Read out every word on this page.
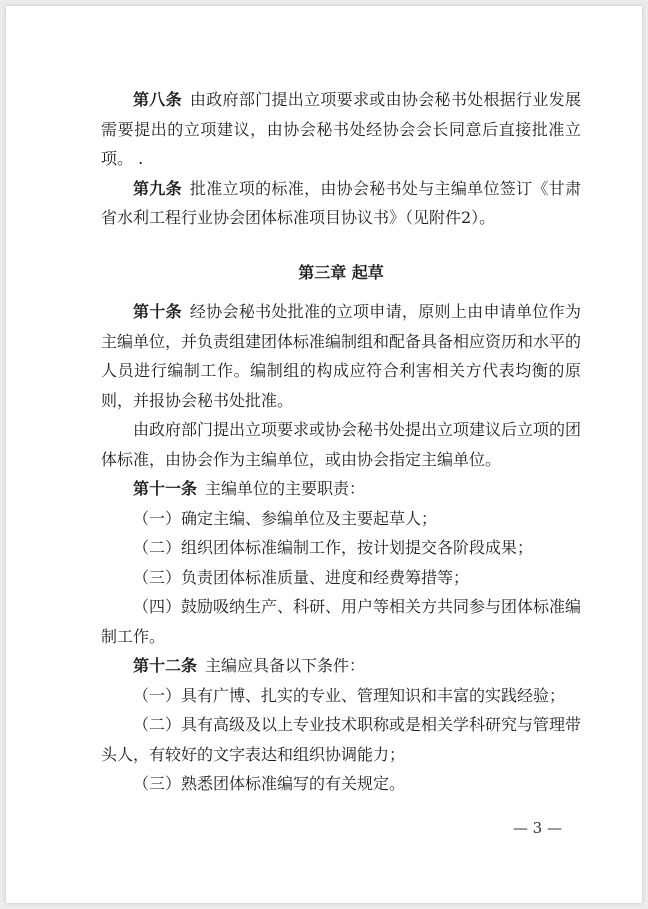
第八条 由政府部门提出立项要求或由协会秘书处根据行业发展需要提出的立项建议，由协会秘书处经协会会长同意后直接批准立项。 .

第九条 批准立项的标准，由协会秘书处与主编单位签订《甘肃省水利工程行业协会团体标准项目协议书》（见附件2）。

第三章 起草

第十条 经协会秘书处批准的立项申请，原则上由申请单位作为主编单位，并负责组建团体标准编制组和配备具备相应资历和水平的人员进行编制工作。编制组的构成应符合利害相关方代表均衡的原则，并报协会秘书处批准。

由政府部门提出立项要求或协会秘书处提出立项建议后立项的团体标准，由协会作为主编单位，或由协会指定主编单位。

第十一条 主编单位的主要职责：

（一）确定主编、参编单位及主要起草人；

（二）组织团体标准编制工作，按计划提交各阶段成果；

（三）负责团体标准质量、进度和经费筹措等；

（四）鼓励吸纳生产、科研、用户等相关方共同参与团体标准编制工作。

第十二条 主编应具备以下条件：

（一）具有广博、扎实的专业、管理知识和丰富的实践经验；

（二）具有高级及以上专业技术职称或是相关学科研究与管理带头人，有较好的文字表达和组织协调能力；

（三）熟悉团体标准编写的有关规定。

— 3 —
